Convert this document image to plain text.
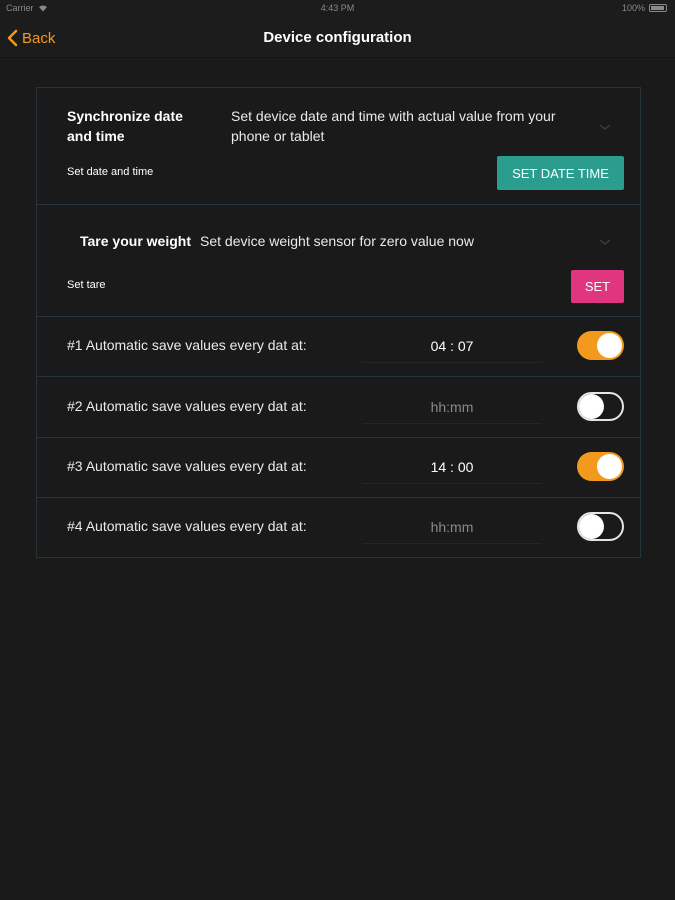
Carrier	4:43 PM	100%
Back	Device configuration
Synchronize date
and time
Set device date and time with actual value from your
phone or tablet
Set date and time	SET DATE TIME
Tare your weight Set device weight sensor for zero value now
Set tare	SET
#1 Automatic save values every dat at:	04 : 07
#2 Automatic save values every dat at:	hh:mm
#3 Automatic save values every dat at:	14 : 00
#4 Automatic save values every dat at:	hh:mm
